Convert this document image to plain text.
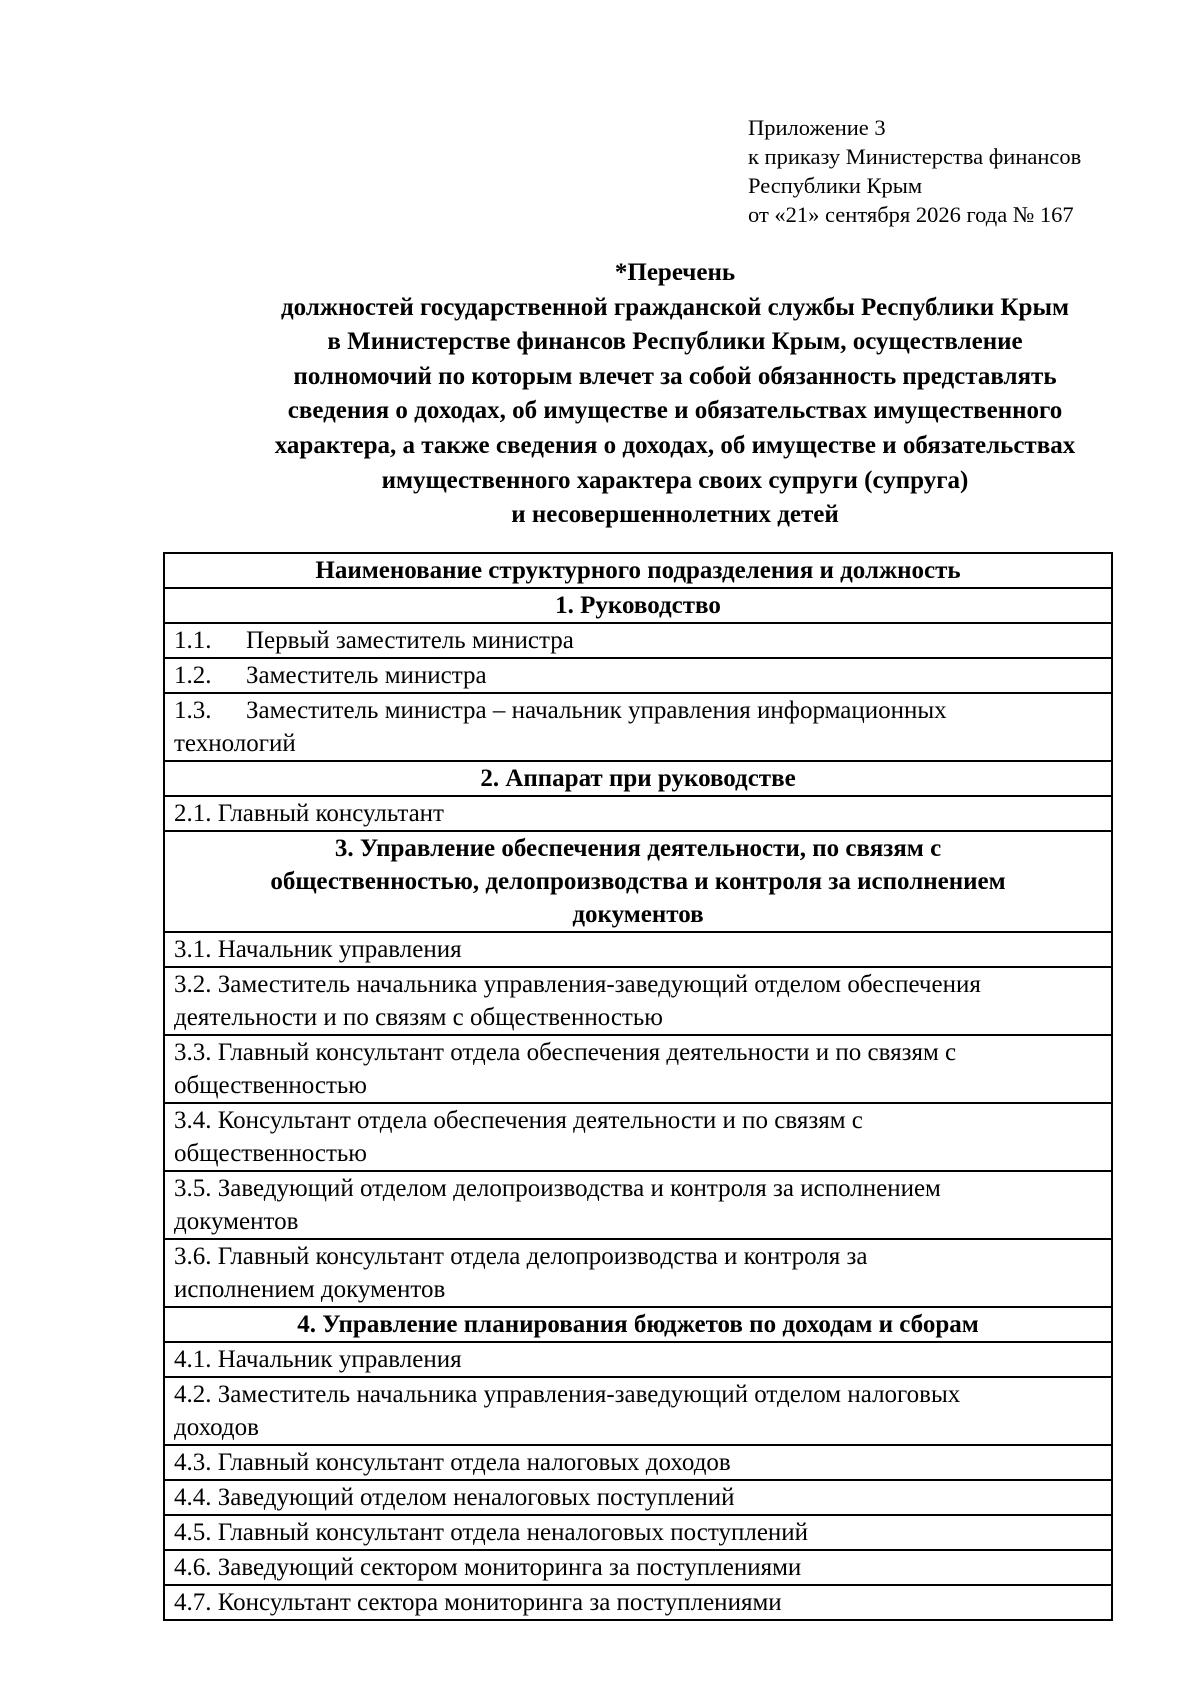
Приложение 3
к приказу Министерства финансов
Республики Крым
от «21» сентября 2026 года № 167
*Перечень
должностей государственной гражданской службы Республики Крым
в Министерстве финансов Республики Крым, осуществление
полномочий по которым влечет за собой обязанность представлять
сведения о доходах, об имуществе и обязательствах имущественного
характера, а также сведения о доходах, об имуществе и обязательствах
имущественного характера своих супруги (супруга)
и несовершеннолетних детей
Наименование структурного подразделения и должность
1. Руководство
1.1. Первый заместитель министра
1.2. Заместитель министра
1.3. Заместитель министра – начальник управления информационных
технологий

2. Аппарат при руководстве
2.1. Главный консультант

3. Управление обеспечения деятельности, по связям с
общественностью, делопроизводства и контроля за исполнением
документов

3.1. Начальник управления

3.2. Заместитель начальника управления-заведующий отделом обеспечения
деятельности и по связям с общественностью

3.3. Главный консультант отдела обеспечения деятельности и по связям с
общественностью

3.4. Консультант отдела обеспечения деятельности и по связям с
общественностью

3.5. Заведующий отделом делопроизводства и контроля за исполнением
документов

3.6. Главный консультант отдела делопроизводства и контроля за
исполнением документов

4. Управление планирования бюджетов по доходам и сборам
4.1. Начальник управления

4.2. Заместитель начальника управления-заведующий отделом налоговых
доходов

4.3. Главный консультант отдела налоговых доходов
4.4. Заведующий отделом неналоговых поступлений
4.5. Главный консультант отдела неналоговых поступлений
4.6. Заведующий сектором мониторинга за поступлениями
4.7. Консультант сектора мониторинга за поступлениями
